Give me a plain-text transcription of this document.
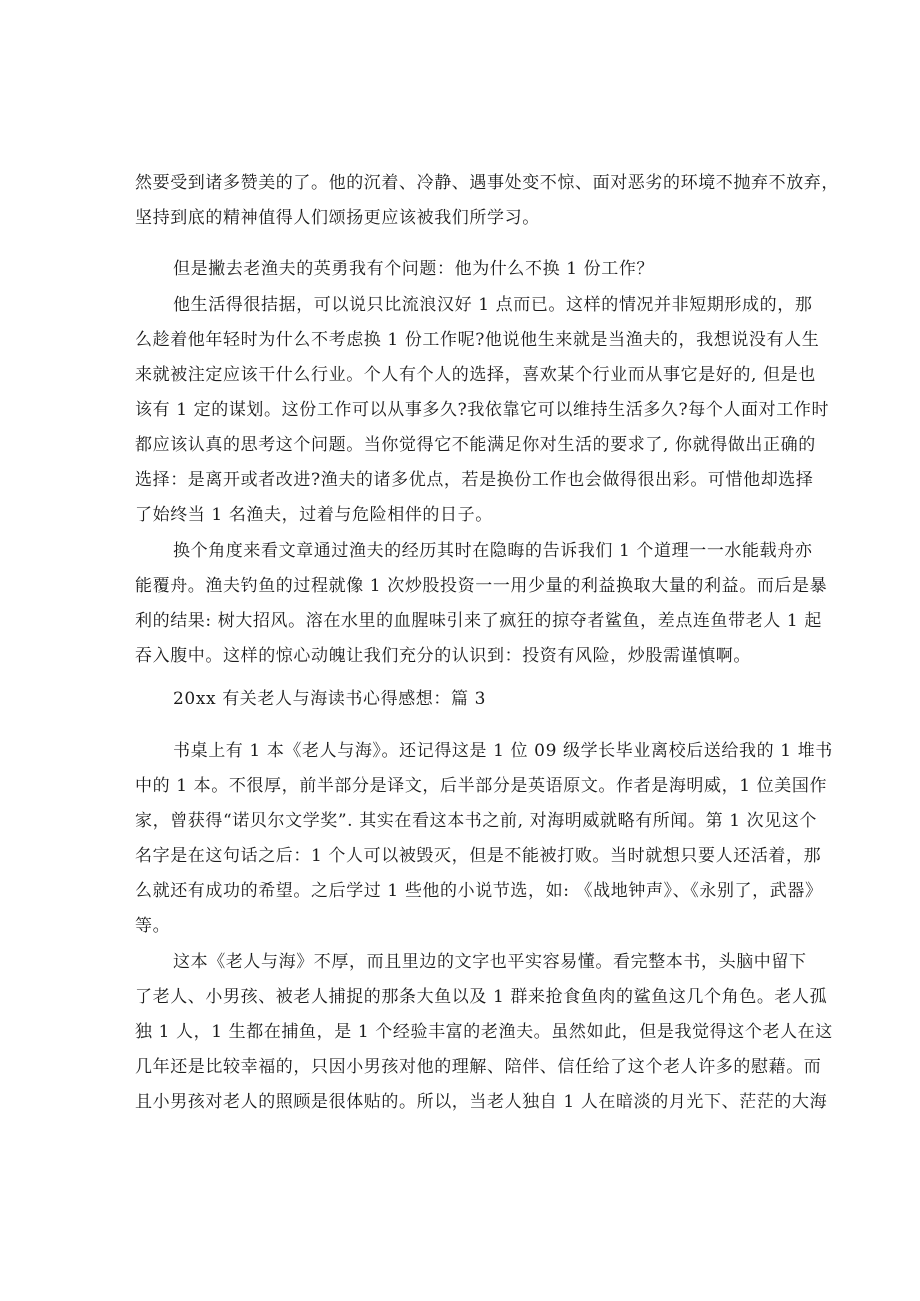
然要受到诸多赞美的了。他的沉着、冷静、遇事处变不惊、面对恶劣的环境不抛弃不放弃，
坚持到底的精神值得人们颂扬更应该被我们所学习。
但是撇去老渔夫的英勇我有个问题：他为什么不换 1 份工作？
他生活得很拮据，可以说只比流浪汉好 1 点而已。这样的情况并非短期形成的，那
么趁着他年轻时为什么不考虑换 1 份工作呢?他说他生来就是当渔夫的，我想说没有人生
来就被注定应该干什么行业。个人有个人的选择，喜欢某个行业而从事它是好的, 但是也
该有 1 定的谋划。这份工作可以从事多久?我依靠它可以维持生活多久?每个人面对工作时
都应该认真的思考这个问题。当你觉得它不能满足你对生活的要求了, 你就得做出正确的
选择：是离开或者改进?渔夫的诸多优点，若是换份工作也会做得很出彩。可惜他却选择
了始终当 1 名渔夫，过着与危险相伴的日子。
换个角度来看文章通过渔夫的经历其时在隐晦的告诉我们 1 个道理一一水能载舟亦
能覆舟。渔夫钓鱼的过程就像 1 次炒股投资一一用少量的利益换取大量的利益。而后是暴
利的结果: 树大招风。溶在水里的血腥味引来了疯狂的掠夺者鲨鱼，差点连鱼带老人 1 起
吞入腹中。这样的惊心动魄让我们充分的认识到：投资有风险，炒股需谨慎啊。
20xx 有关老人与海读书心得感想：篇 3
书桌上有 1 本《老人与海》。还记得这是 1 位 09 级学长毕业离校后送给我的 1 堆书
中的 1 本。不很厚，前半部分是译文，后半部分是英语原文。作者是海明威，1 位美国作
家，曾获得“诺贝尔文学奖”. 其实在看这本书之前, 对海明威就略有所闻。第 1 次见这个
名字是在这句话之后：1 个人可以被毁灭，但是不能被打败。当时就想只要人还活着，那
么就还有成功的希望。之后学过 1 些他的小说节选，如: 《战地钟声》、《永别了，武器》
等。
这本《老人与海》不厚，而且里边的文字也平实容易懂。看完整本书，头脑中留下
了老人、小男孩、被老人捕捉的那条大鱼以及 1 群来抢食鱼肉的鲨鱼这几个角色。老人孤
独 1 人，1 生都在捕鱼，是 1 个经验丰富的老渔夫。虽然如此，但是我觉得这个老人在这
几年还是比较幸福的，只因小男孩对他的理解、陪伴、信任给了这个老人许多的慰藉。而
且小男孩对老人的照顾是很体贴的。所以，当老人独自 1 人在暗淡的月光下、茫茫的大海
